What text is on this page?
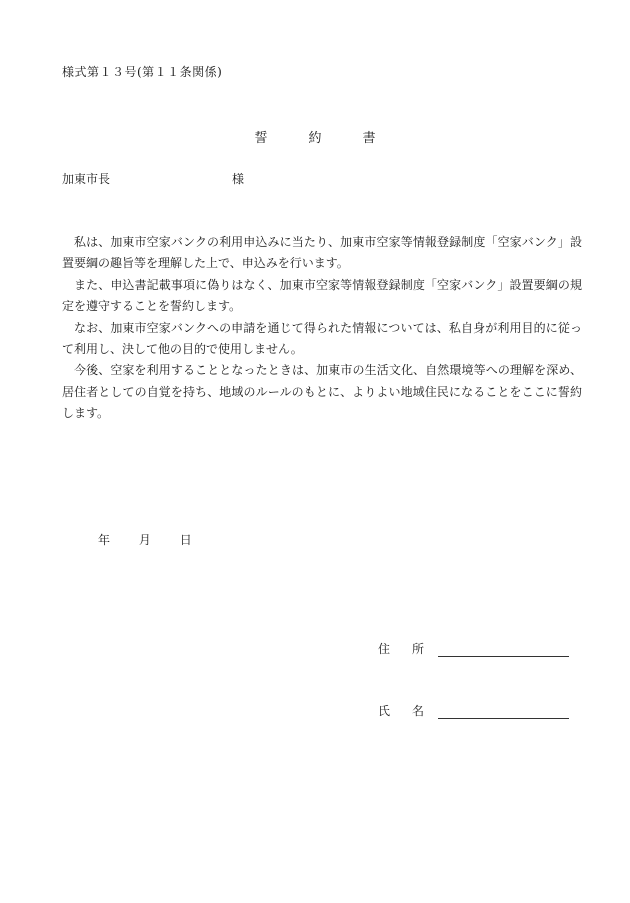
様式第１３号(第１１条関係)
誓　約　書
加東市長	様

私は、加東市空家バンクの利用申込みに当たり、加東市空家等情報登録制度「空家バンク」設置要綱の趣旨等を理解した上で、申込みを行います。

また、申込書記載事項に偽りはなく、加東市空家等情報登録制度「空家バンク」設置要綱の規定を遵守することを誓約します。

なお、加東市空家バンクへの申請を通じて得られた情報については、私自身が利用目的に従って利用し、決して他の目的で使用しません。

今後、空家を利用することとなったときは、加東市の生活文化、自然環境等への理解を深め、居住者としての自覚を持ち、地域のルールのもとに、よりよい地域住民になることをここに誓約します。

年 月 日
住所
氏名
